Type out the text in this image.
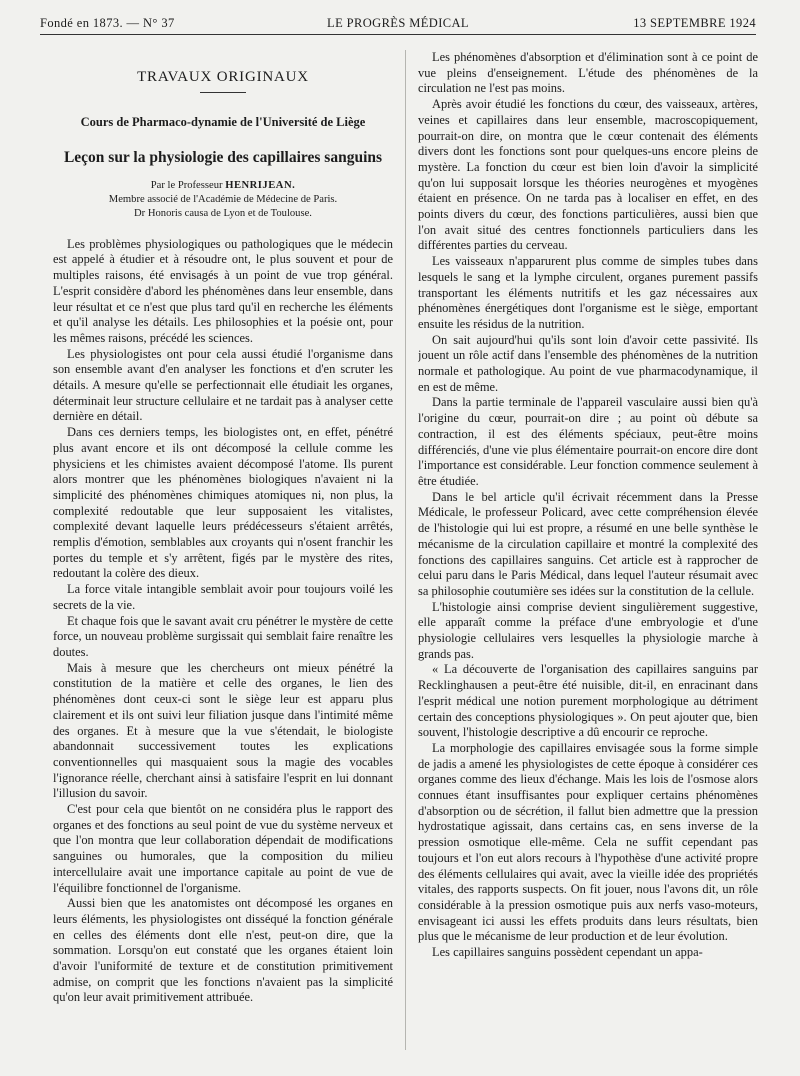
Fondé en 1873. — N° 37	LE PROGRÈS MÉDICAL	13 SEPTEMBRE 1924
TRAVAUX ORIGINAUX
Cours de Pharmaco-dynamie de l'Université de Liège
Leçon sur la physiologie des capillaires sanguins
Par le Professeur HENRIJEAN.
Membre associé de l'Académie de Médecine de Paris.
Dr Honoris causa de Lyon et de Toulouse.

Les problèmes physiologiques ou pathologiques que le médecin est appelé à étudier et à résoudre ont, le plus souvent et pour de multiples raisons, été envisagés à un point de vue trop général. L'esprit considère d'abord les phénomènes dans leur ensemble, dans leur résultat et ce n'est que plus tard qu'il en recherche les éléments et qu'il analyse les détails. Les philosophies et la poésie ont, pour les mêmes raisons, précédé les sciences.

Les physiologistes ont pour cela aussi étudié l'organisme dans son ensemble avant d'en analyser les fonctions et d'en scruter les détails. A mesure qu'elle se perfectionnait elle étudiait les organes, déterminait leur structure cellulaire et ne tardait pas à analyser cette dernière en détail.

Dans ces derniers temps, les biologistes ont, en effet, pénétré plus avant encore et ils ont décomposé la cellule comme les physiciens et les chimistes avaient décomposé l'atome. Ils purent alors montrer que les phénomènes biologiques n'avaient ni la simplicité des phénomènes chimiques atomiques ni, non plus, la complexité redoutable que leur supposaient les vitalistes, complexité devant laquelle leurs prédécesseurs s'étaient arrêtés, remplis d'émotion, semblables aux croyants qui n'osent franchir les portes du temple et s'y arrêtent, figés par le mystère des rites, redoutant la colère des dieux.

La force vitale intangible semblait avoir pour toujours voilé les secrets de la vie.

Et chaque fois que le savant avait cru pénétrer le mystère de cette force, un nouveau problème surgissait qui semblait faire renaître les doutes.

Mais à mesure que les chercheurs ont mieux pénétré la constitution de la matière et celle des organes, le lien des phénomènes dont ceux-ci sont le siège leur est apparu plus clairement et ils ont suivi leur filiation jusque dans l'intimité même des organes. Et à mesure que la vue s'étendait, le biologiste abandonnait successivement toutes les explications conventionnelles qui masquaient sous la magie des vocables l'ignorance réelle, cherchant ainsi à satisfaire l'esprit en lui donnant l'illusion du savoir.

C'est pour cela que bientôt on ne considéra plus le rapport des organes et des fonctions au seul point de vue du système nerveux et que l'on montra que leur collaboration dépendait de modifications sanguines ou humorales, que la composition du milieu intercellulaire avait une importance capitale au point de vue de l'équilibre fonctionnel de l'organisme.

Aussi bien que les anatomistes ont décomposé les organes en leurs éléments, les physiologistes ont disséqué la fonction générale en celles des éléments dont elle n'est, peut-on dire, que la sommation. Lorsqu'on eut constaté que les organes étaient loin d'avoir l'uniformité de texture et de constitution primitivement admise, on comprit que les fonctions n'avaient pas la simplicité qu'on leur avait primitivement attribuée.

Les phénomènes d'absorption et d'élimination sont à ce point de vue pleins d'enseignement. L'étude des phénomènes de la circulation ne l'est pas moins.

Après avoir étudié les fonctions du cœur, des vaisseaux, artères, veines et capillaires dans leur ensemble, macroscopiquement, pourrait-on dire, on montra que le cœur contenait des éléments divers dont les fonctions sont pour quelques-uns encore pleins de mystère. La fonction du cœur est bien loin d'avoir la simplicité qu'on lui supposait lorsque les théories neurogènes et myogènes étaient en présence. On ne tarda pas à localiser en effet, en des points divers du cœur, des fonctions particulières, aussi bien que l'on avait situé des centres fonctionnels particuliers dans les différentes parties du cerveau.

Les vaisseaux n'apparurent plus comme de simples tubes dans lesquels le sang et la lymphe circulent, organes purement passifs transportant les éléments nutritifs et les gaz nécessaires aux phénomènes énergétiques dont l'organisme est le siège, emportant ensuite les résidus de la nutrition.

On sait aujourd'hui qu'ils sont loin d'avoir cette passivité. Ils jouent un rôle actif dans l'ensemble des phénomènes de la nutrition normale et pathologique. Au point de vue pharmacodynamique, il en est de même.

Dans la partie terminale de l'appareil vasculaire aussi bien qu'à l'origine du cœur, pourrait-on dire ; au point où débute sa contraction, il est des éléments spéciaux, peut-être moins différenciés, d'une vie plus élémentaire pourrait-on encore dire dont l'importance est considérable. Leur fonction commence seulement à être étudiée.

Dans le bel article qu'il écrivait récemment dans la Presse Médicale, le professeur Policard, avec cette compréhension élevée de l'histologie qui lui est propre, a résumé en une belle synthèse le mécanisme de la circulation capillaire et montré la complexité des fonctions des capillaires sanguins. Cet article est à rapprocher de celui paru dans le Paris Médical, dans lequel l'auteur résumait avec sa philosophie coutumière ses idées sur la constitution de la cellule.

L'histologie ainsi comprise devient singulièrement suggestive, elle apparaît comme la préface d'une embryologie et d'une physiologie cellulaires vers lesquelles la physiologie marche à grands pas.

« La découverte de l'organisation des capillaires sanguins par Recklinghausen a peut-être été nuisible, dit-il, en enracinant dans l'esprit médical une notion purement morphologique au détriment certain des conceptions physiologiques ». On peut ajouter que, bien souvent, l'histologie descriptive a dû encourir ce reproche.

La morphologie des capillaires envisagée sous la forme simple de jadis a amené les physiologistes de cette époque à considérer ces organes comme des lieux d'échange. Mais les lois de l'osmose alors connues étant insuffisantes pour expliquer certains phénomènes d'absorption ou de sécrétion, il fallut bien admettre que la pression hydrostatique agissait, dans certains cas, en sens inverse de la pression osmotique elle-même. Cela ne suffit cependant pas toujours et l'on eut alors recours à l'hypothèse d'une activité propre des éléments cellulaires qui avait, avec la vieille idée des propriétés vitales, des rapports suspects. On fit jouer, nous l'avons dit, un rôle considérable à la pression osmotique puis aux nerfs vaso-moteurs, envisageant ici aussi les effets produits dans leurs résultats, bien plus que le mécanisme de leur production et de leur évolution.

Les capillaires sanguins possèdent cependant un appa-
